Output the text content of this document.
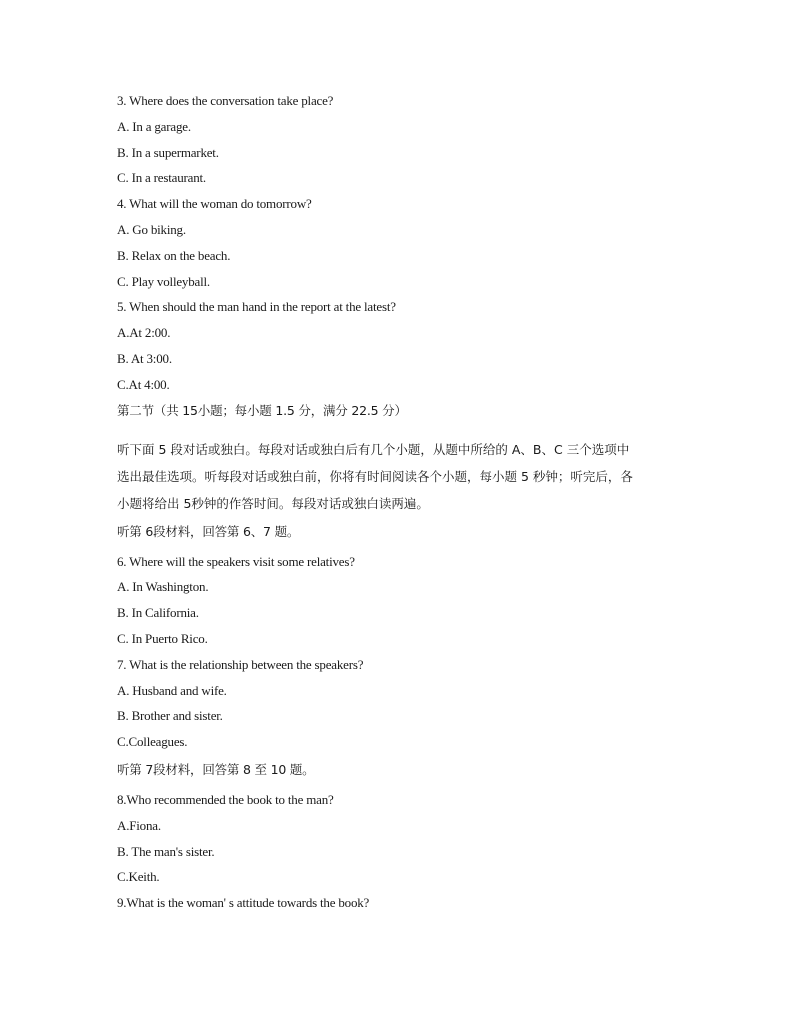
3. Where does the conversation take place?
A. In a garage.
B. In a supermarket.
C. In a restaurant.
4. What will the woman do tomorrow?
A. Go biking.
B. Relax on the beach.
C. Play volleyball.
5. When should the man hand in the report at the latest?
A.At 2:00.
B. At 3:00.
C.At 4:00.
第二节（共 15小题；每小题 1.5 分，满分 22.5 分）
听下面 5 段对话或独白。每段对话或独白后有几个小题，从题中所给的 A、B、C 三个选项中
选出最佳选项。听每段对话或独白前，你将有时间阅读各个小题，每小题 5 秒钟；听完后，各
小题将给出 5秒钟的作答时间。每段对话或独白读两遍。
听第 6段材料，回答第 6、7 题。
6. Where will the speakers visit some relatives?
A. In Washington.
B. In California.
C. In Puerto Rico.
7. What is the relationship between the speakers?
A. Husband and wife.
B. Brother and sister.
C.Colleagues.
听第 7段材料，回答第 8 至 10 题。
8.Who recommended the book to the man?
A.Fiona.
B. The man's sister.
C.Keith.
9.What is the woman' s attitude towards the book?
